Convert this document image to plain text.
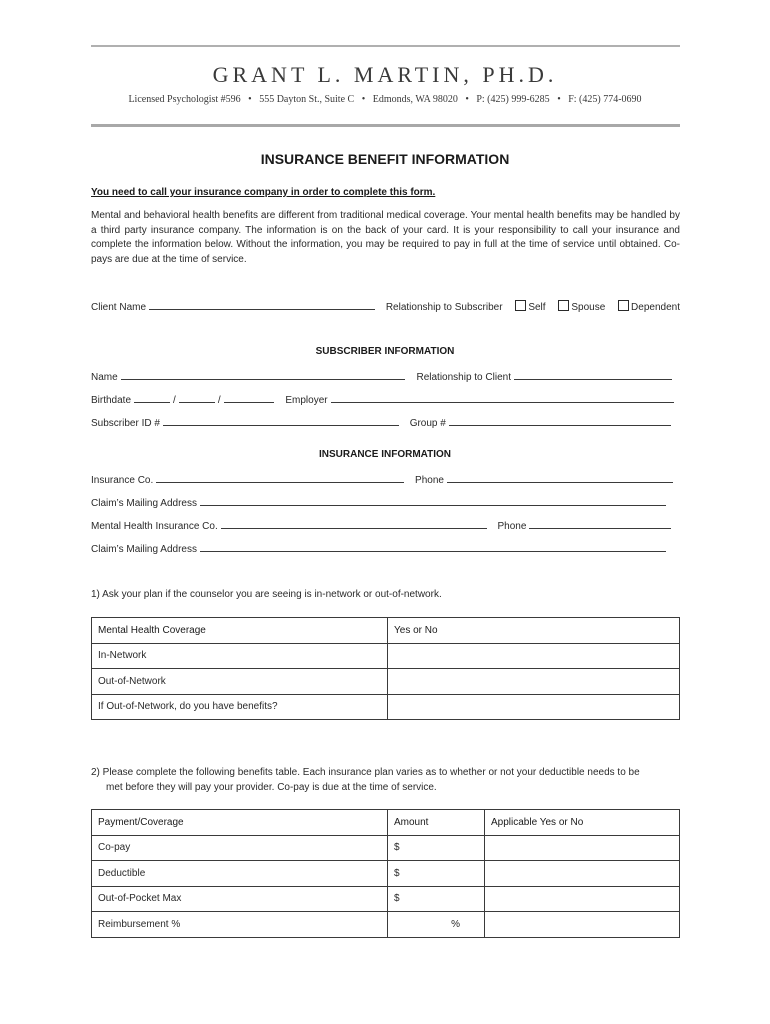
GRANT L. MARTIN, PH.D.
Licensed Psychologist #596 • 555 Dayton St., Suite C • Edmonds, WA 98020 • P: (425) 999-6285 • F: (425) 774-0690
INSURANCE BENEFIT INFORMATION
You need to call your insurance company in order to complete this form.
Mental and behavioral health benefits are different from traditional medical coverage. Your mental health benefits may be handled by a third party insurance company. The information is on the back of your card. It is your responsibility to call your insurance and complete the information below. Without the information, you may be required to pay in full at the time of service until obtained. Co-pays are due at the time of service.
Client Name	Relationship to Subscriber	Self	Spouse	Dependent
SUBSCRIBER INFORMATION
Name	Relationship to Client
Birthdate	/	/	Employer
Subscriber ID #	Group #
INSURANCE INFORMATION
Insurance Co.	Phone
Claim’s Mailing Address
Mental Health Insurance Co.	Phone
Claim’s Mailing Address
1) Ask your plan if the counselor you are seeing is in-network or out-of-network.
Mental Health Coverage	Yes or No
In-Network	
Out-of-Network	
If Out-of-Network, do you have benefits?	
2) Please complete the following benefits table. Each insurance plan varies as to whether or not your deductible needs to be
met before they will pay your provider. Co-pay is due at the time of service.
Payment/Coverage	Amount	Applicable Yes or No
Co-pay	$	
Deductible	$	
Out-of-Pocket Max	$	
Reimbursement %	%	
